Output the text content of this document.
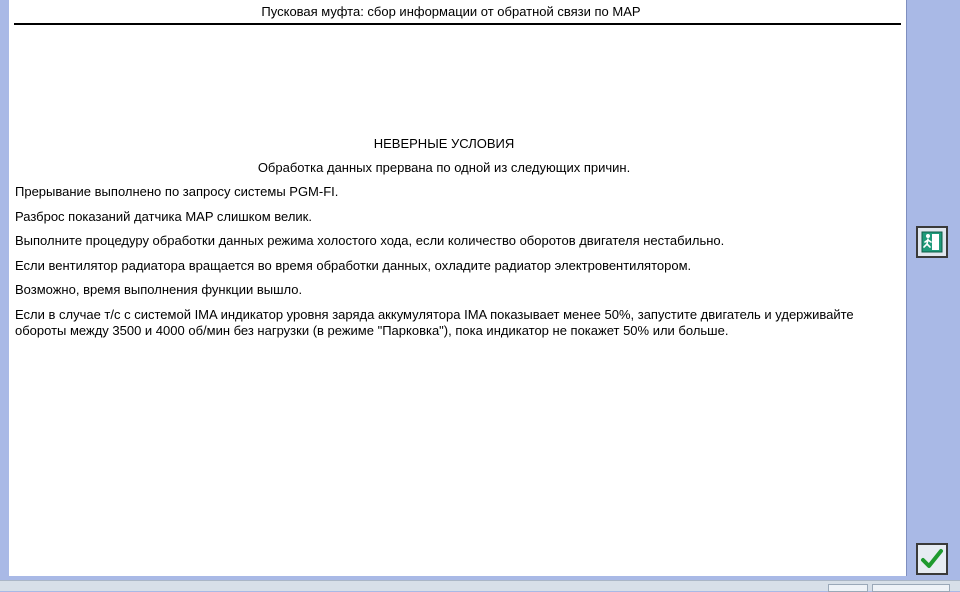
Пусковая муфта: сбор информации от обратной связи по MAP
НЕВЕРНЫЕ УСЛОВИЯ
Обработка данных прервана по одной из следующих причин.
Прерывание выполнено по запросу системы PGM-FI.
Разброс показаний датчика MAP слишком велик.
Выполните процедуру обработки данных режима холостого хода, если количество оборотов двигателя нестабильно.
Если вентилятор радиатора вращается во время обработки данных, охладите радиатор электровентилятором.
Возможно, время выполнения функции вышло.
Если в случае т/с с системой IMA индикатор уровня заряда аккумулятора IMA показывает менее 50%, запустите двигатель и удерживайте обороты между 3500 и 4000 об/мин без нагрузки (в режиме "Парковка"), пока индикатор не покажет 50% или больше.
